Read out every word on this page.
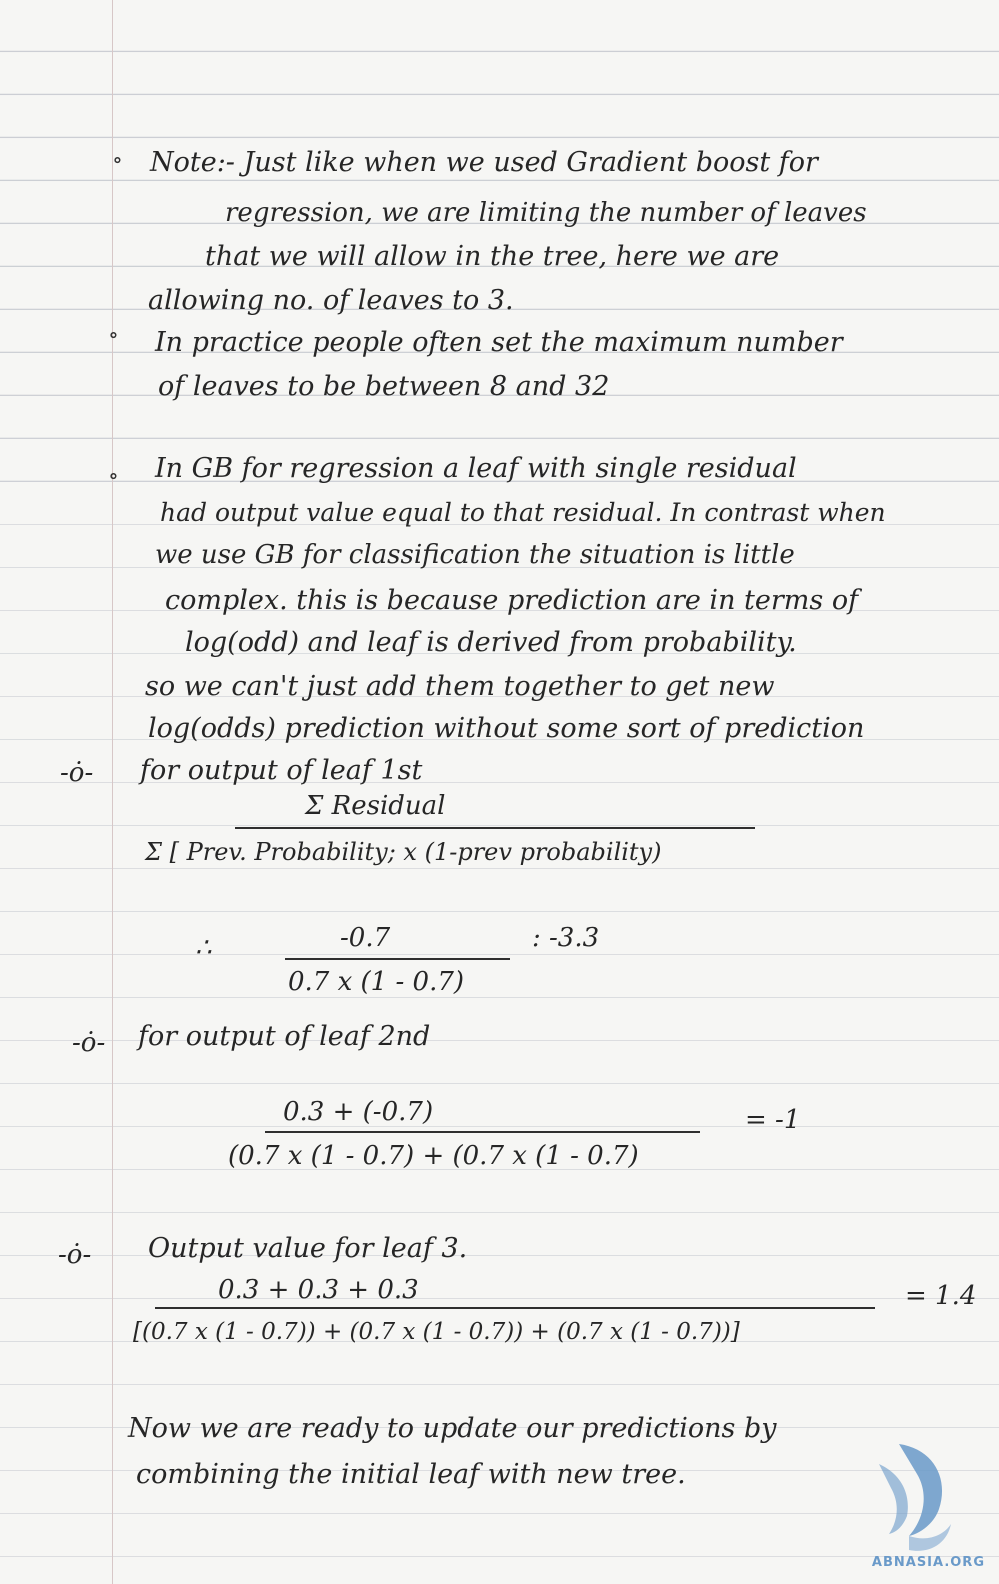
∘ Note:- Just like when we used Gradient boost for
regression, we are limiting the number of leaves
that we will allow in the tree, here we are
allowing no. of leaves to 3.
∘ In practice people often set the maximum number
of leaves to be between 8 and 32
∘ In GB for regression a leaf with single residual
had output value equal to that residual. In contrast when
we use GB for classification the situation is little
complex. this is because prediction are in terms of
log(odd) and leaf is derived from probability.
so we can't just add them together to get new
log(odds) prediction without some sort of prediction
-ȯ- for output of leaf 1st
Σ Residual
Σ [ Prev. Probability; x (1-prev probability)
∴	-0.7
0.7 x (1 - 0.7)
: -3.3
-ȯ- for output of leaf 2nd
0.3 + (-0.7)
(0.7 x (1 - 0.7) + (0.7 x (1 - 0.7)
= -1
-ȯ- Output value for leaf 3.
0.3 + 0.3 + 0.3
[(0.7 x (1 - 0.7)) + (0.7 x (1 - 0.7)) + (0.7 x (1 - 0.7))]
= 1.4
Now we are ready to update our predictions by
combining the initial leaf with new tree.
ABNASIA.ORG
